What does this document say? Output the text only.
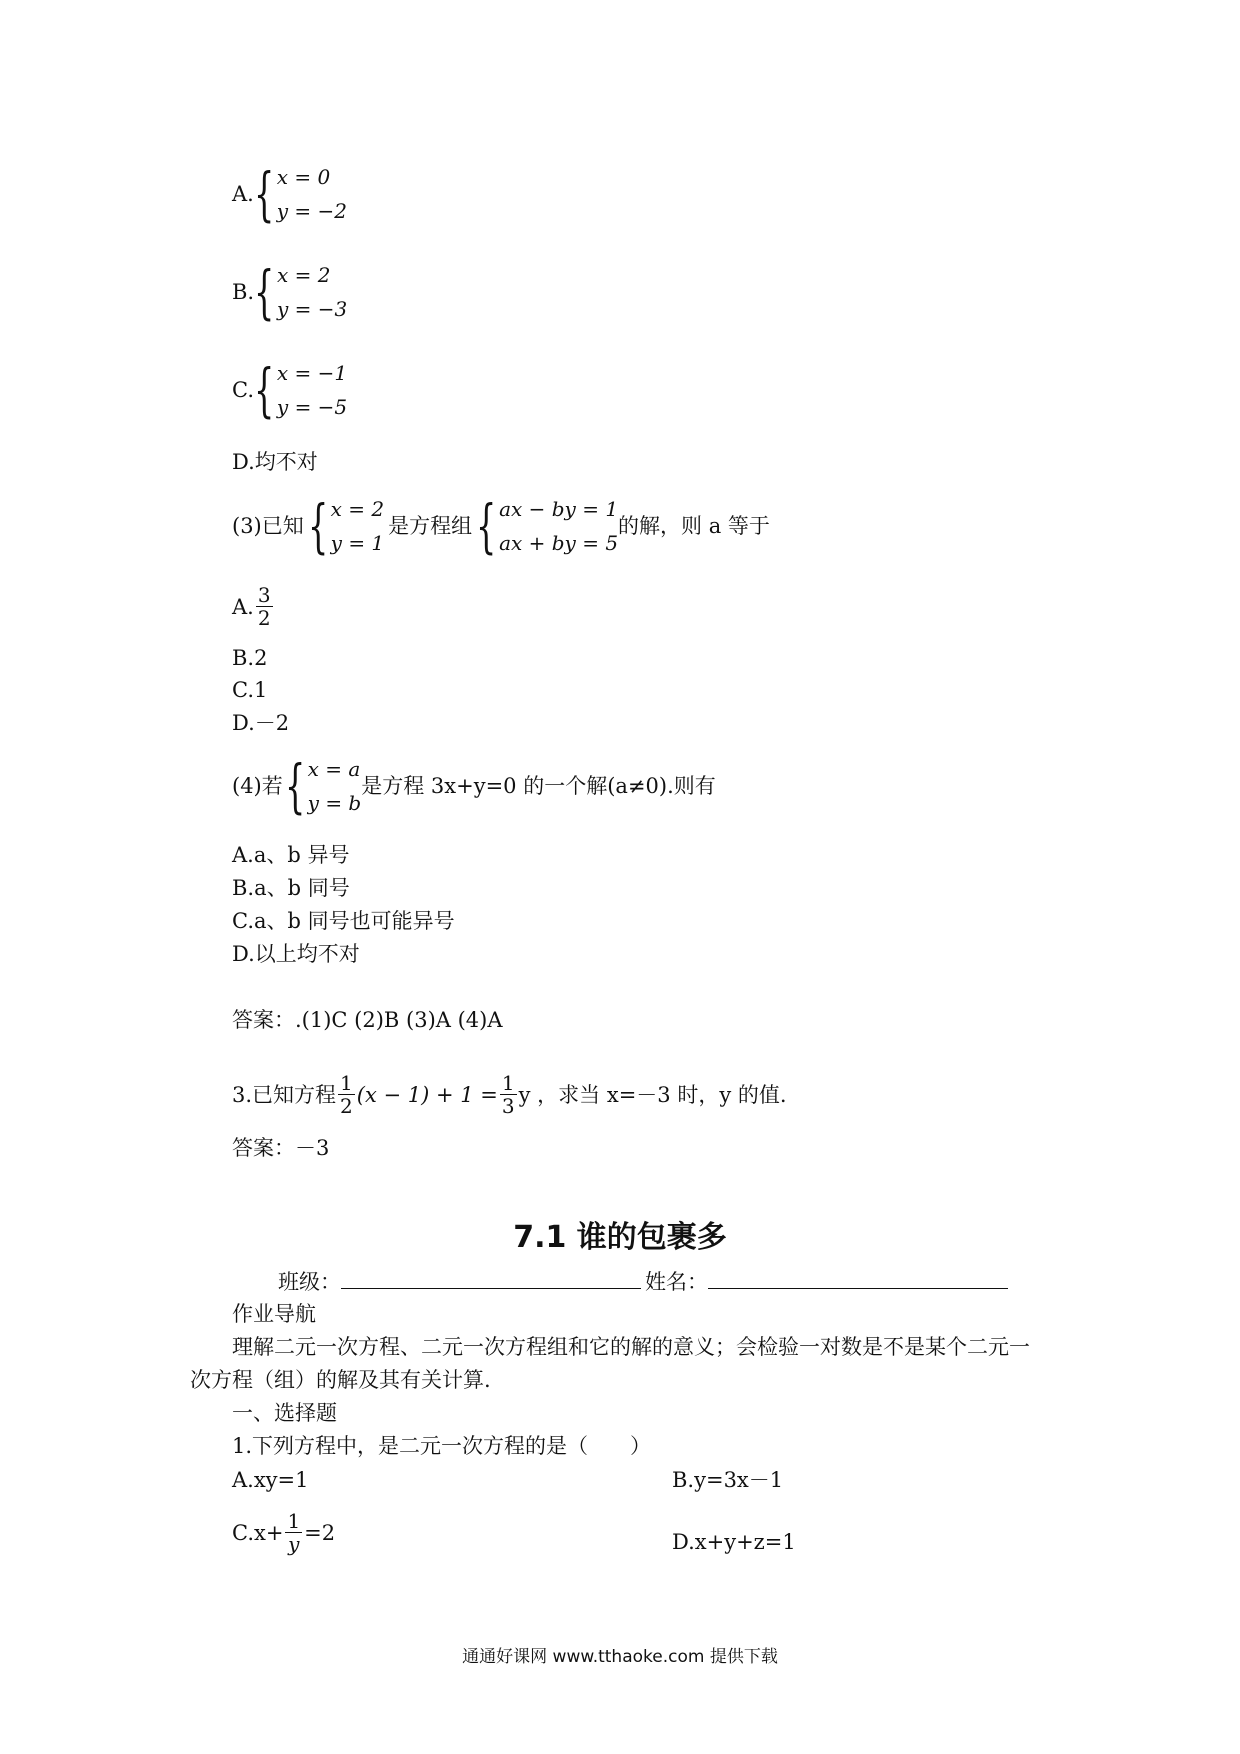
A. { x = 0
y = −2
B. { x = 2
y = −3
C. { x = −1
y = −5
D.均不对
(3)已知 { x = 2
y = 1
是方程组 { ax − by = 1
ax + by = 5
的解，则 a 等于
A. $\frac{3}{2}$
B.2
C.1
D.－2
(4)若 { x = a
y = b
是方程 3x+y=0 的一个解(a≠0).则有
A.a、b 异号
B.a、b 同号
C.a、b 同号也可能异号
D.以上均不对
答案：.(1)C (2)B (3)A (4)A
3.已知方程 $\frac{1}{2} (x - 1) + 1 = \frac{1}{3}$ y ，求当 x=－3 时，y 的值.
答案：－3
7.1 谁的包裹多
班级：	姓名：
作业导航
理解二元一次方程、二元一次方程组和它的解的意义；会检验一对数是不是某个二元一
次方程（组）的解及其有关计算.
一、选择题
1.下列方程中，是二元一次方程的是（　　）
A.xy=1	B.y=3x－1
$C.x+ \frac{1}{y} =2$	D.x+y+z=1
通通好课网 www.tthaoke.com 提供下载
